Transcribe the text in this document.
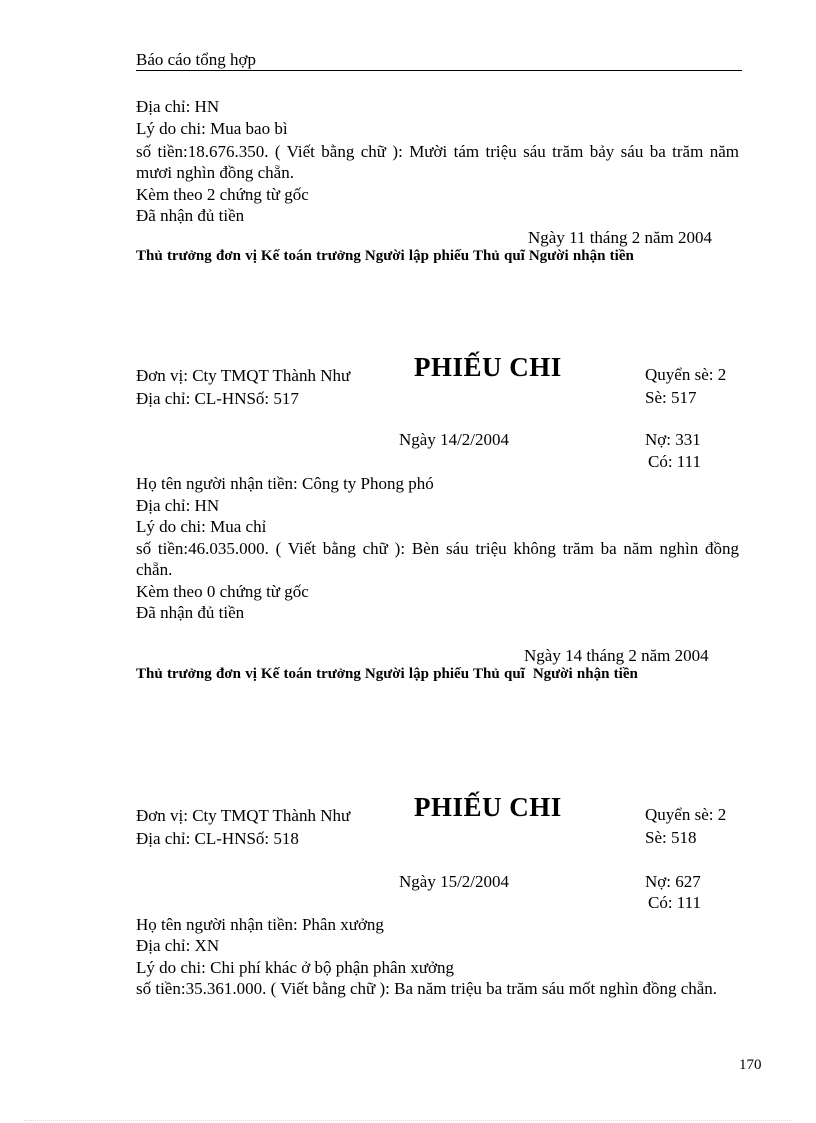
Báo cáo tổng hợp
Địa chỉ: HN
Lý do chi: Mua bao bì
số tiền:18.676.350. ( Viết bằng chữ ): Mười tám triệu sáu trăm bảy sáu ba trăm năm mươi nghìn đồng chẵn.
Kèm theo 2 chứng từ gốc
Đã nhận đủ tiền
Ngày 11 tháng 2 năm 2004
Thủ trưởng đơn vị Kế toán trưởng Người lập phiếu Thủ quĩ Người nhận tiền
Đơn vị: Cty TMQT Thành Như PHIẾU CHI	Quyển sè: 2
Địa chỉ: CL-HNSố: 517	Sè: 517
Ngày 14/2/2004	Nợ: 331
Có: 111
Họ tên người nhận tiền: Công ty Phong phó
Địa chỉ: HN
Lý do chi: Mua chỉ
số tiền:46.035.000. ( Viết bằng chữ ): Bèn sáu triệu không trăm ba năm nghìn đồng chẵn.
Kèm theo 0 chứng từ gốc
Đã nhận đủ tiền
Ngày 14 tháng 2 năm 2004
Thủ trưởng đơn vị Kế toán trưởng Người lập phiếu Thủ quĩ Người nhận tiền
Đơn vị: Cty TMQT Thành Như PHIẾU CHI	Quyển sè: 2
Địa chỉ: CL-HNSố: 518	Sè: 518
Ngày 15/2/2004	Nợ: 627
Có: 111
Họ tên người nhận tiền: Phân xưởng
Địa chỉ: XN
Lý do chi: Chi phí khác ở bộ phận phân xưởng
số tiền:35.361.000. ( Viết bằng chữ ): Ba năm triệu ba trăm sáu mốt nghìn đồng chẵn.
170
